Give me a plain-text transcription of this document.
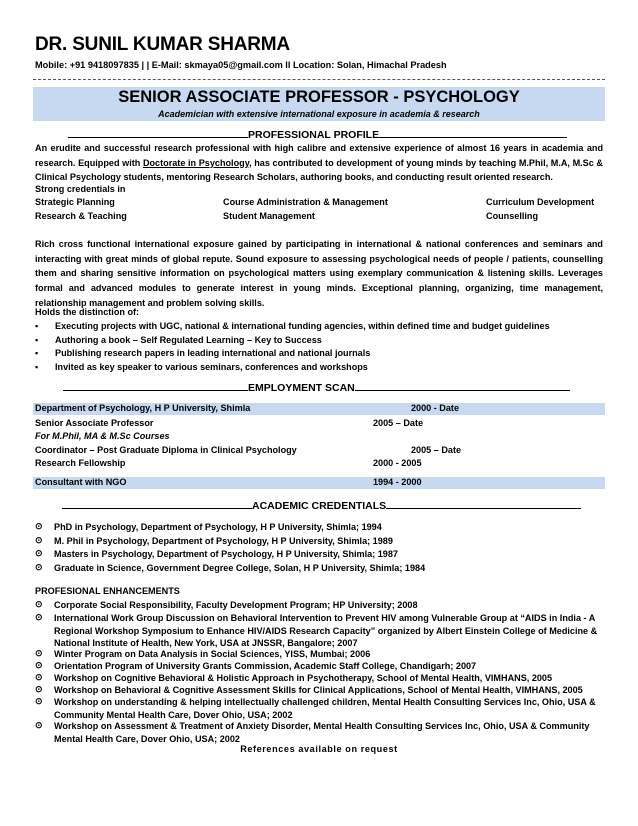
DR. SUNIL KUMAR SHARMA
Mobile: +91 9418097835 | | E-Mail: skmaya05@gmail.com ll Location: Solan, Himachal Pradesh
SENIOR ASSOCIATE PROFESSOR - PSYCHOLOGY
Academician with extensive international exposure in academia & research
PROFESSIONAL PROFILE
An erudite and successful research professional with high calibre and extensive experience of almost 16 years in academia and research. Equipped with Doctorate in Psychology, has contributed to development of young minds by teaching M.Phil, M.A, M.Sc & Clinical Psychology students, mentoring Research Scholars, authoring books, and conducting result oriented research.
Strong credentials in
Strategic Planning	Course Administration & Management	Curriculum Development
Research & Teaching	Student Management	Counselling
Rich cross functional international exposure gained by participating in international & national conferences and seminars and interacting with great minds of global repute. Sound exposure to assessing psychological needs of people / patients, counselling them and sharing sensitive information on psychological matters using exemplary communication & listening skills. Leverages formal and advanced modules to generate interest in young minds. Exceptional planning, organizing, time management, relationship management and problem solving skills.
Holds the distinction of:
▪ Executing projects with UGC, national & international funding agencies, within defined time and budget guidelines
▪ Authoring a book – Self Regulated Learning – Key to Success
▪ Publishing research papers in leading international and national journals
▪ Invited as key speaker to various seminars, conferences and workshops
EMPLOYMENT SCAN
Department of Psychology, H P University, Shimla	2000 - Date
Senior Associate Professor	2005 – Date
For M.Phil, MA & M.Sc Courses
Coordinator – Post Graduate Diploma in Clinical Psychology	2005 – Date
Research Fellowship	2000 - 2005
Consultant with NGO	1994 - 2000
ACADEMIC CREDENTIALS
⊙ PhD in Psychology, Department of Psychology, H P University, Shimla; 1994
⊙ M. Phil in Psychology, Department of Psychology, H P University, Shimla; 1989
⊙ Masters in Psychology, Department of Psychology, H P University, Shimla; 1987
⊙ Graduate in Science, Government Degree College, Solan, H P University, Shimla; 1984
PROFESIONAL ENHANCEMENTS
⊙ Corporate Social Responsibility, Faculty Development Program; HP University; 2008
⊙ International Work Group Discussion on Behavioral Intervention to Prevent HIV among Vulnerable Group at “AIDS in India - A Regional Workshop Symposium to Enhance HIV/AIDS Research Capacity” organized by Albert Einstein College of Medicine & National Institute of Health, New York, USA at JNSSR, Bangalore; 2007
⊙ Winter Program on Data Analysis in Social Sciences, YISS, Mumbai; 2006
⊙ Orientation Program of University Grants Commission, Academic Staff College, Chandigarh; 2007
⊙ Workshop on Cognitive Behavioral & Holistic Approach in Psychotherapy, School of Mental Health, VIMHANS, 2005
⊙ Workshop on Behavioral & Cognitive Assessment Skills for Clinical Applications, School of Mental Health, VIMHANS, 2005
⊙ Workshop on understanding & helping intellectually challenged children, Mental Health Consulting Services Inc, Ohio, USA & Community Mental Health Care, Dover Ohio, USA; 2002
⊙ Workshop on Assessment & Treatment of Anxiety Disorder, Mental Health Consulting Services Inc, Ohio, USA & Community Mental Health Care, Dover Ohio, USA; 2002
References available on request
